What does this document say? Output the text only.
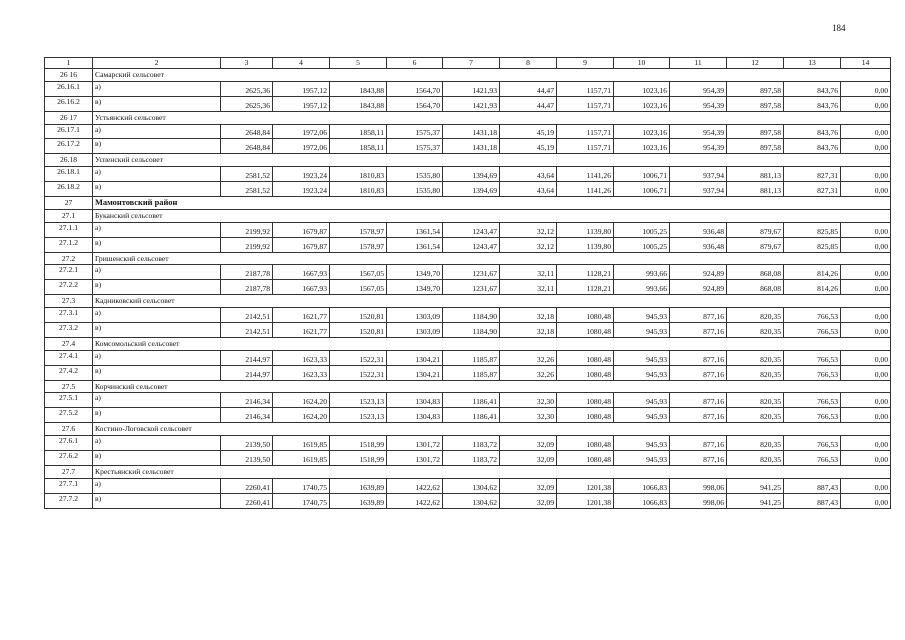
184
1	2	3	4	5	6	7	8	9	10	11	12	13	14
26 16	Самарский сельсовет												
26.16.1	а)	2625,36	1957,12	1843,88	1564,70	1421,93	44,47	1157,71	1023,16	954,39	897,58	843,76	0,00
26.16.2	в)	2625,36	1957,12	1843,88	1564,70	1421,93	44,47	1157,71	1023,16	954,39	897,58	843,76	0,00
26 17	Устьянский сельсовет												
26.17.1	а)	2648,84	1972,06	1858,11	1575,37	1431,18	45,19	1157,71	1023,16	954,39	897,58	843,76	0,00
26.17.2	в)	2648,84	1972,06	1858,11	1575,37	1431,18	45,19	1157,71	1023,16	954,39	897,58	843,76	0,00
26.18	Успенский сельсовет												
26.18.1	а)	2581,52	1923,24	1810,83	1535,80	1394,69	43,64	1141,26	1006,71	937,94	881,13	827,31	0,00
26.18.2	в)	2581,52	1923,24	1810,83	1535,80	1394,69	43,64	1141,26	1006,71	937,94	881,13	827,31	0,00
27	Мамонтовский район												
27.1	Буканский сельсовет												
27.1.1	а)	2199,92	1679,87	1578,97	1361,54	1243,47	32,12	1139,80	1005,25	936,48	879,67	825,85	0,00
27.1.2	в)	2199,92	1679,87	1578,97	1361,54	1243,47	32,12	1139,80	1005,25	936,48	879,67	825,85	0,00
27.2	Гришенский сельсовет												
27.2.1	а)	2187,78	1667,93	1567,05	1349,70	1231,67	32,11	1128,21	993,66	924,89	868,08	814,26	0,00
27.2.2	в)	2187,78	1667,93	1567,05	1349,70	1231,67	32,11	1128,21	993,66	924,89	868,08	814,26	0,00
27.3	Кадниковский сельсовет												
27.3.1	а)	2142,51	1621,77	1520,81	1303,09	1184,90	32,18	1080,48	945,93	877,16	820,35	766,53	0,00
27.3.2	в)	2142,51	1621,77	1520,81	1303,09	1184,90	32,18	1080,48	945,93	877,16	820,35	766,53	0,00
27.4	Комсомольский сельсовет												
27.4.1	а)	2144,97	1623,33	1522,31	1304,21	1185,87	32,26	1080,48	945,93	877,16	820,35	766,53	0,00
27.4.2	в)	2144,97	1623,33	1522,31	1304,21	1185,87	32,26	1080,48	945,93	877,16	820,35	766,53	0,00
27.5	Корчинский сельсовет												
27.5.1	а)	2146,34	1624,20	1523,13	1304,83	1186,41	32,30	1080,48	945,93	877,16	820,35	766,53	0,00
27.5.2	в)	2146,34	1624,20	1523,13	1304,83	1186,41	32,30	1080,48	945,93	877,16	820,35	766,53	0,00
27.6	Костино-Логовской сельсовет												
27.6.1	а)	2139,50	1619,85	1518,99	1301,72	1183,72	32,09	1080,48	945,93	877,16	820,35	766,53	0,00
27.6.2	в)	2139,50	1619,85	1518,99	1301,72	1183,72	32,09	1080,48	945,93	877,16	820,35	766,53	0,00
27.7	Крестьянский сельсовет												
27.7.1	а)	2260,41	1740,75	1639,89	1422,62	1304,62	32,09	1201,38	1066,83	998,06	941,25	887,43	0,00
27.7.2	в)	2260,41	1740,75	1639,89	1422,62	1304,62	32,09	1201,38	1066,83	998,06	941,25	887,43	0,00
